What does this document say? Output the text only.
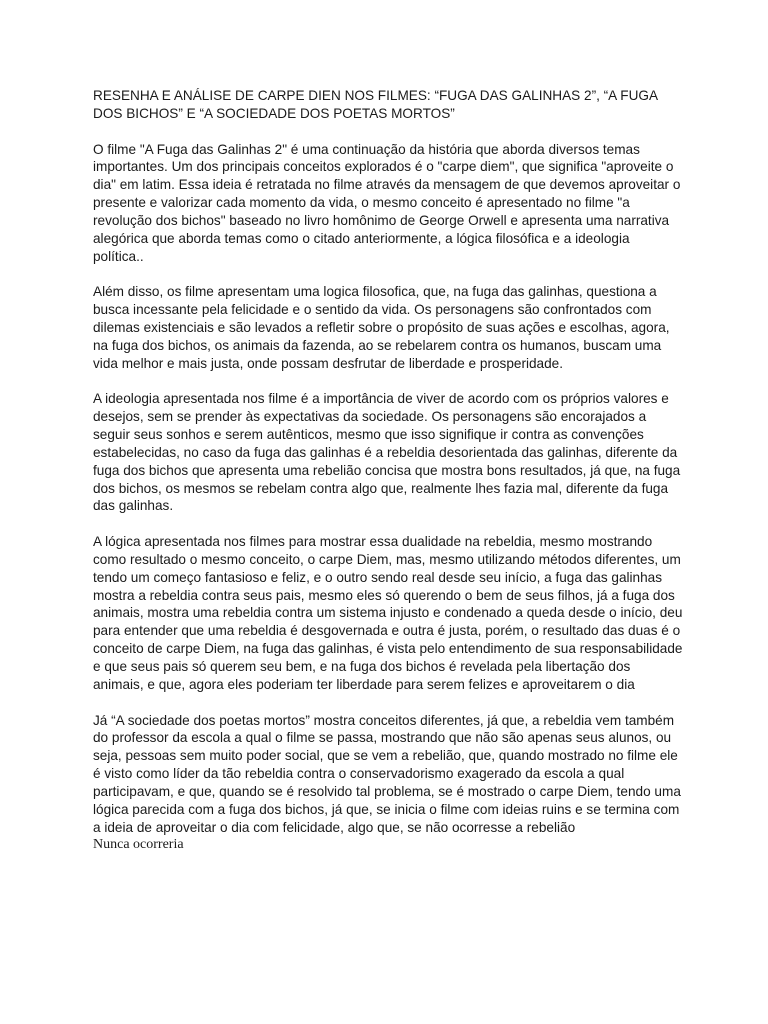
RESENHA E ANÁLISE DE CARPE DIEN NOS FILMES: “FUGA DAS GALINHAS 2”, “A FUGA DOS BICHOS” E “A SOCIEDADE DOS POETAS MORTOS”

O filme "A Fuga das Galinhas 2" é uma continuação da história que aborda diversos temas importantes. Um dos principais conceitos explorados é o "carpe diem", que significa "aproveite o dia" em latim. Essa ideia é retratada no filme através da mensagem de que devemos aproveitar o presente e valorizar cada momento da vida, o mesmo conceito é apresentado no filme "a revolução dos bichos" baseado no livro homônimo de George Orwell e apresenta uma narrativa alegórica que aborda temas como o citado anteriormente, a lógica filosófica e a ideologia política..

Além disso, os filme apresentam uma logica filosofica, que, na fuga das galinhas, questiona a busca incessante pela felicidade e o sentido da vida. Os personagens são confrontados com dilemas existenciais e são levados a refletir sobre o propósito de suas ações e escolhas, agora, na fuga dos bichos, os animais da fazenda, ao se rebelarem contra os humanos, buscam uma vida melhor e mais justa, onde possam desfrutar de liberdade e prosperidade.

A ideologia apresentada nos filme é a importância de viver de acordo com os próprios valores e desejos, sem se prender às expectativas da sociedade. Os personagens são encorajados a seguir seus sonhos e serem autênticos, mesmo que isso signifique ir contra as convenções estabelecidas, no caso da fuga das galinhas é a rebeldia desorientada das galinhas, diferente da fuga dos bichos que apresenta uma rebelião concisa que mostra bons resultados, já que, na fuga dos bichos, os mesmos se rebelam contra algo que, realmente lhes fazia mal, diferente da fuga das galinhas.

A lógica apresentada nos filmes para mostrar essa dualidade na rebeldia, mesmo mostrando como resultado o mesmo conceito, o carpe Diem, mas, mesmo utilizando métodos diferentes, um tendo um começo fantasioso e feliz, e o outro sendo real desde seu início, a fuga das galinhas mostra a rebeldia contra seus pais, mesmo eles só querendo o bem de seus filhos, já a fuga dos animais, mostra uma rebeldia contra um sistema injusto e condenado a queda desde o início, deu para entender que uma rebeldia é desgovernada e outra é justa, porém, o resultado das duas é o conceito de carpe Diem, na fuga das galinhas, é vista pelo entendimento de sua responsabilidade e que seus pais só querem seu bem, e na fuga dos bichos é revelada pela libertação dos animais, e que, agora eles poderiam ter liberdade para serem felizes e aproveitarem o dia

Já “A sociedade dos poetas mortos” mostra conceitos diferentes, já que, a rebeldia vem também do professor da escola a qual o filme se passa, mostrando que não são apenas seus alunos, ou seja, pessoas sem muito poder social, que se vem a rebelião, que, quando mostrado no filme ele é visto como líder da tão rebeldia contra o conservadorismo exagerado da escola a qual participavam, e que, quando se é resolvido tal problema, se é mostrado o carpe Diem, tendo uma lógica parecida com a fuga dos bichos, já que, se inicia o filme com ideias ruins e se termina com a ideia de aproveitar o dia com felicidade, algo que, se não ocorresse a rebelião

Nunca ocorreria
